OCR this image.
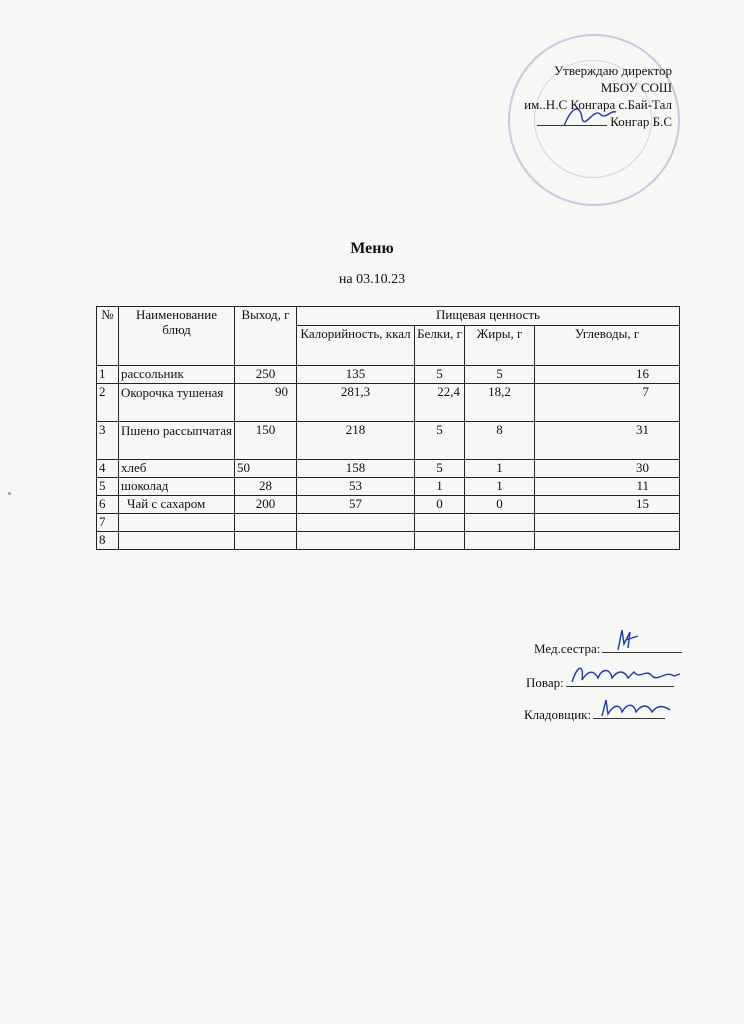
Утверждаю директор
МБОУ СОШ
им..Н.С Конгара с.Бай-Тал
Конгар Б.С
Меню
на 03.10.23
№	Наименование блюд	Выход, г	Пищевая ценность			
			Калорийность, ккал	Белки, г	Жиры, г	Углеводы, г
1	рассольник	250	135	5	5	16
2	Окорочка тушеная	90	281,3	22,4	18,2	7
3	Пшено рассыпчатая	150	218	5	8	31
4	хлеб	50	158	5	1	30
5	шоколад	28	53	1	1	11
6	Чай с сахаром	200	57	0	0	15
7						
8						
Мед.сестра:
Повар:
Кладовщик:
